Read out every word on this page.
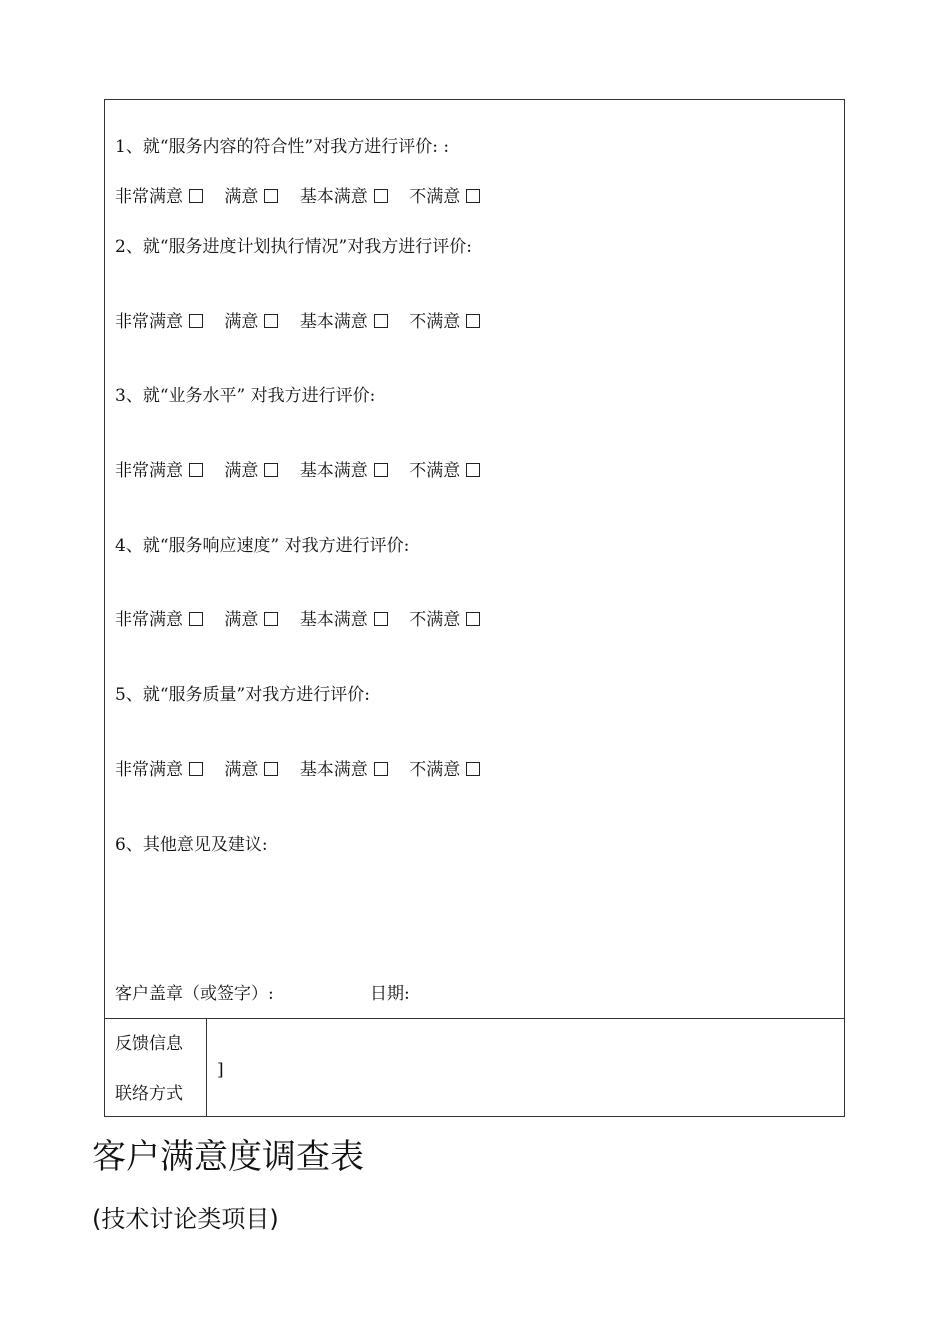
1、就“服务内容的符合性”对我方进行评价: :
非常满意 满意 基本满意 不满意
2、就“服务进度计划执行情况”对我方进行评价:
非常满意 满意 基本满意 不满意
3、就“业务水平” 对我方进行评价:
非常满意 满意 基本满意 不满意
4、就“服务响应速度” 对我方进行评价:
非常满意 满意 基本满意 不满意
5、就“服务质量”对我方进行评价:
非常满意 满意 基本满意 不满意
6、其他意见及建议:
客户盖章（或签字）:	日期:
反馈信息
联络方式
]
客户满意度调查表
(技术讨论类项目)
